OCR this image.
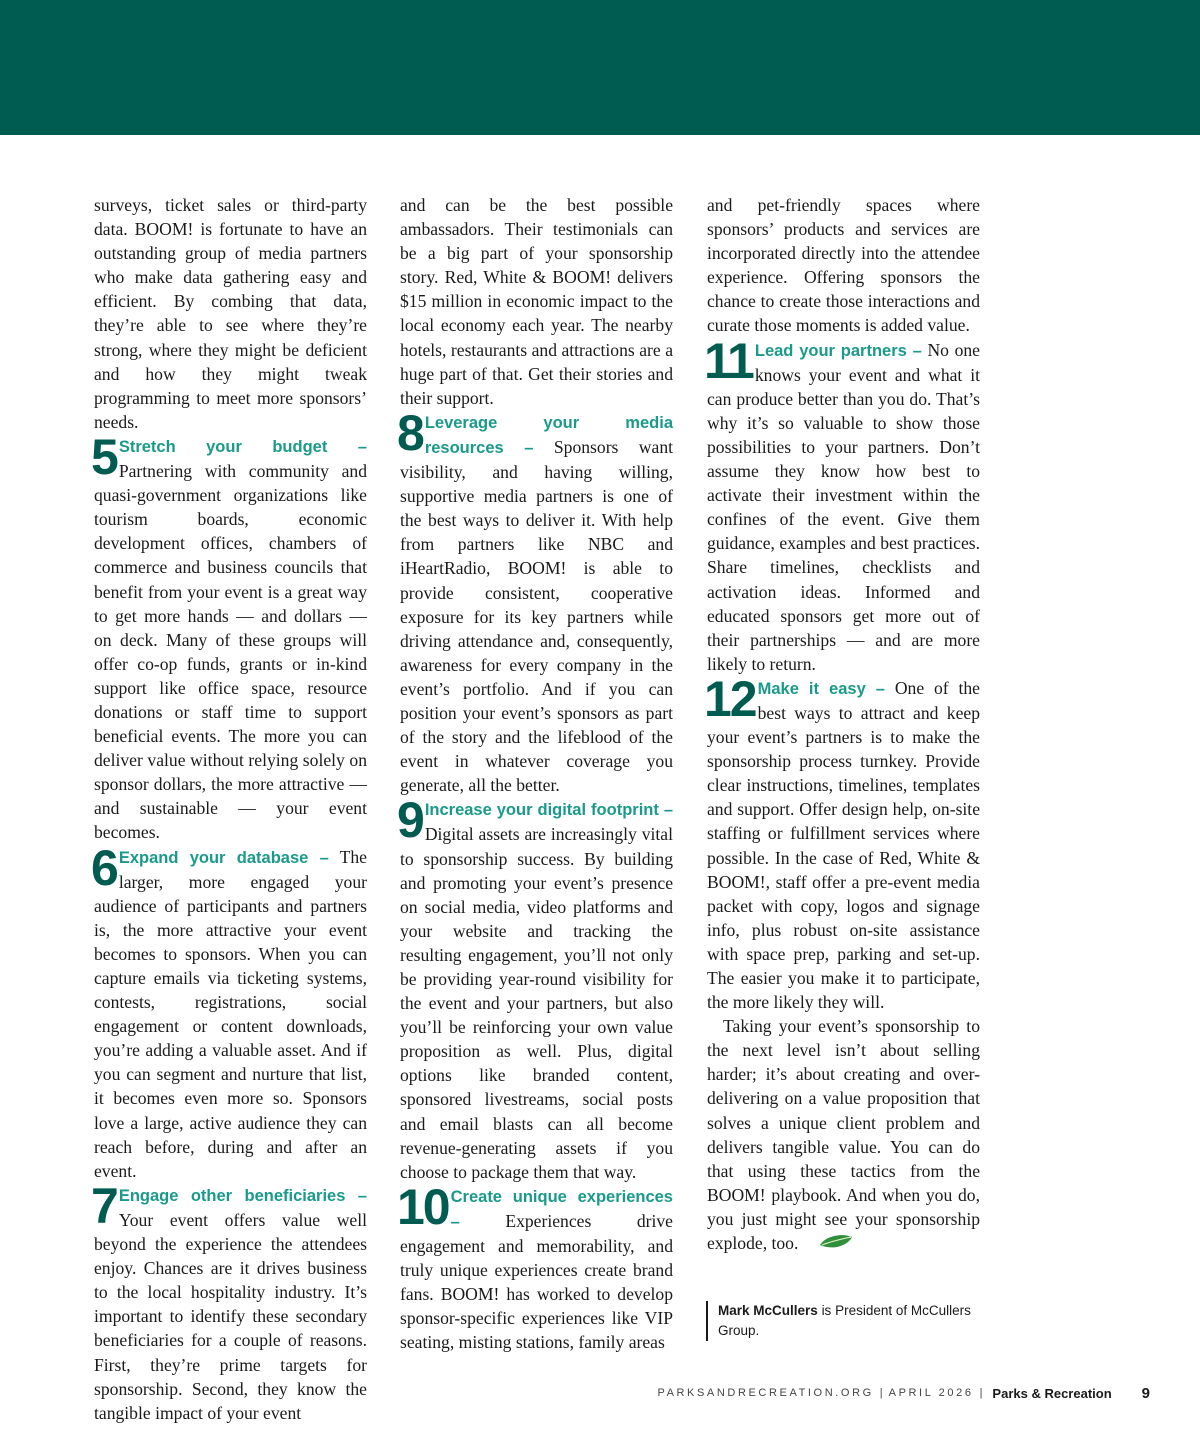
surveys, ticket sales or third-party data. BOOM! is fortunate to have an outstanding group of media partners who make data gathering easy and efficient. By combing that data, they’re able to see where they’re strong, where they might be deficient and how they might tweak programming to meet more sponsors’ needs.

5 Stretch your budget – Partnering with community and quasi-government organizations like tourism boards, economic development offices, chambers of commerce and business councils that benefit from your event is a great way to get more hands — and dollars — on deck. Many of these groups will offer co-op funds, grants or in-kind support like office space, resource donations or staff time to support beneficial events. The more you can deliver value without relying solely on sponsor dollars, the more attractive — and sustainable — your event becomes.

6 Expand your database – The larger, more engaged your audience of participants and partners is, the more attractive your event becomes to sponsors. When you can capture emails via ticketing systems, contests, registrations, social engagement or content downloads, you’re adding a valuable asset. And if you can segment and nurture that list, it becomes even more so. Sponsors love a large, active audience they can reach before, during and after an event.

7 Engage other beneficiaries – Your event offers value well beyond the experience the attendees enjoy. Chances are it drives business to the local hospitality industry. It’s important to identify these secondary beneficiaries for a couple of reasons. First, they’re prime targets for sponsorship. Second, they know the tangible impact of your event

and can be the best possible ambassadors. Their testimonials can be a big part of your sponsorship story. Red, White & BOOM! delivers $15 million in economic impact to the local economy each year. The nearby hotels, restaurants and attractions are a huge part of that. Get their stories and their support.

8 Leverage your media resources – Sponsors want visibility, and having willing, supportive media partners is one of the best ways to deliver it. With help from partners like NBC and iHeartRadio, BOOM! is able to provide consistent, cooperative exposure for its key partners while driving attendance and, consequently, awareness for every company in the event’s portfolio. And if you can position your event’s sponsors as part of the story and the lifeblood of the event in whatever coverage you generate, all the better.

9 Increase your digital footprint – Digital assets are increasingly vital to sponsorship success. By building and promoting your event’s presence on social media, video platforms and your website and tracking the resulting engagement, you’ll not only be providing year-round visibility for the event and your partners, but also you’ll be reinforcing your own value proposition as well. Plus, digital options like branded content, sponsored livestreams, social posts and email blasts can all become revenue-generating assets if you choose to package them that way.

10 Create unique experiences –	Experiences drive engagement and memorability, and truly unique experiences create brand fans. BOOM! has worked to develop sponsor-specific experiences like VIP seating, misting stations, family areas

and pet-friendly spaces where sponsors’ products and services are incorporated directly into the attendee experience. Offering sponsors the chance to create those interactions and curate those moments is added value.

11 Lead your partners – No one knows your event and what it can produce better than you do. That’s why it’s so valuable to show those possibilities to your partners. Don’t assume they know how best to activate their investment within the confines of the event. Give them guidance, examples and best practices. Share timelines, checklists and activation ideas. Informed and educated sponsors get more out of their partnerships — and are more likely to return.

12 Make it easy – One of the best ways to attract and keep your event’s partners is to make the sponsorship process turnkey. Provide clear instructions, timelines, templates and support. Offer design help, on-site staffing or fulfillment services where possible. In the case of Red, White & BOOM!, staff offer a pre-event media packet with copy, logos and signage info, plus robust on-site assistance with space prep, parking and set-up. The easier you make it to participate, the more likely they will.

Taking your event’s sponsorship to the next level isn’t about selling harder; it’s about creating and over-delivering on a value proposition that solves a unique client problem and delivers tangible value. You can do that using these tactics from the BOOM! playbook. And when you do, you just might see your sponsorship explode, too.

Mark McCullers is President of McCullers Group.
PARKSANDRECREATION.ORG | APRIL 2026 | Parks & Recreation 9
